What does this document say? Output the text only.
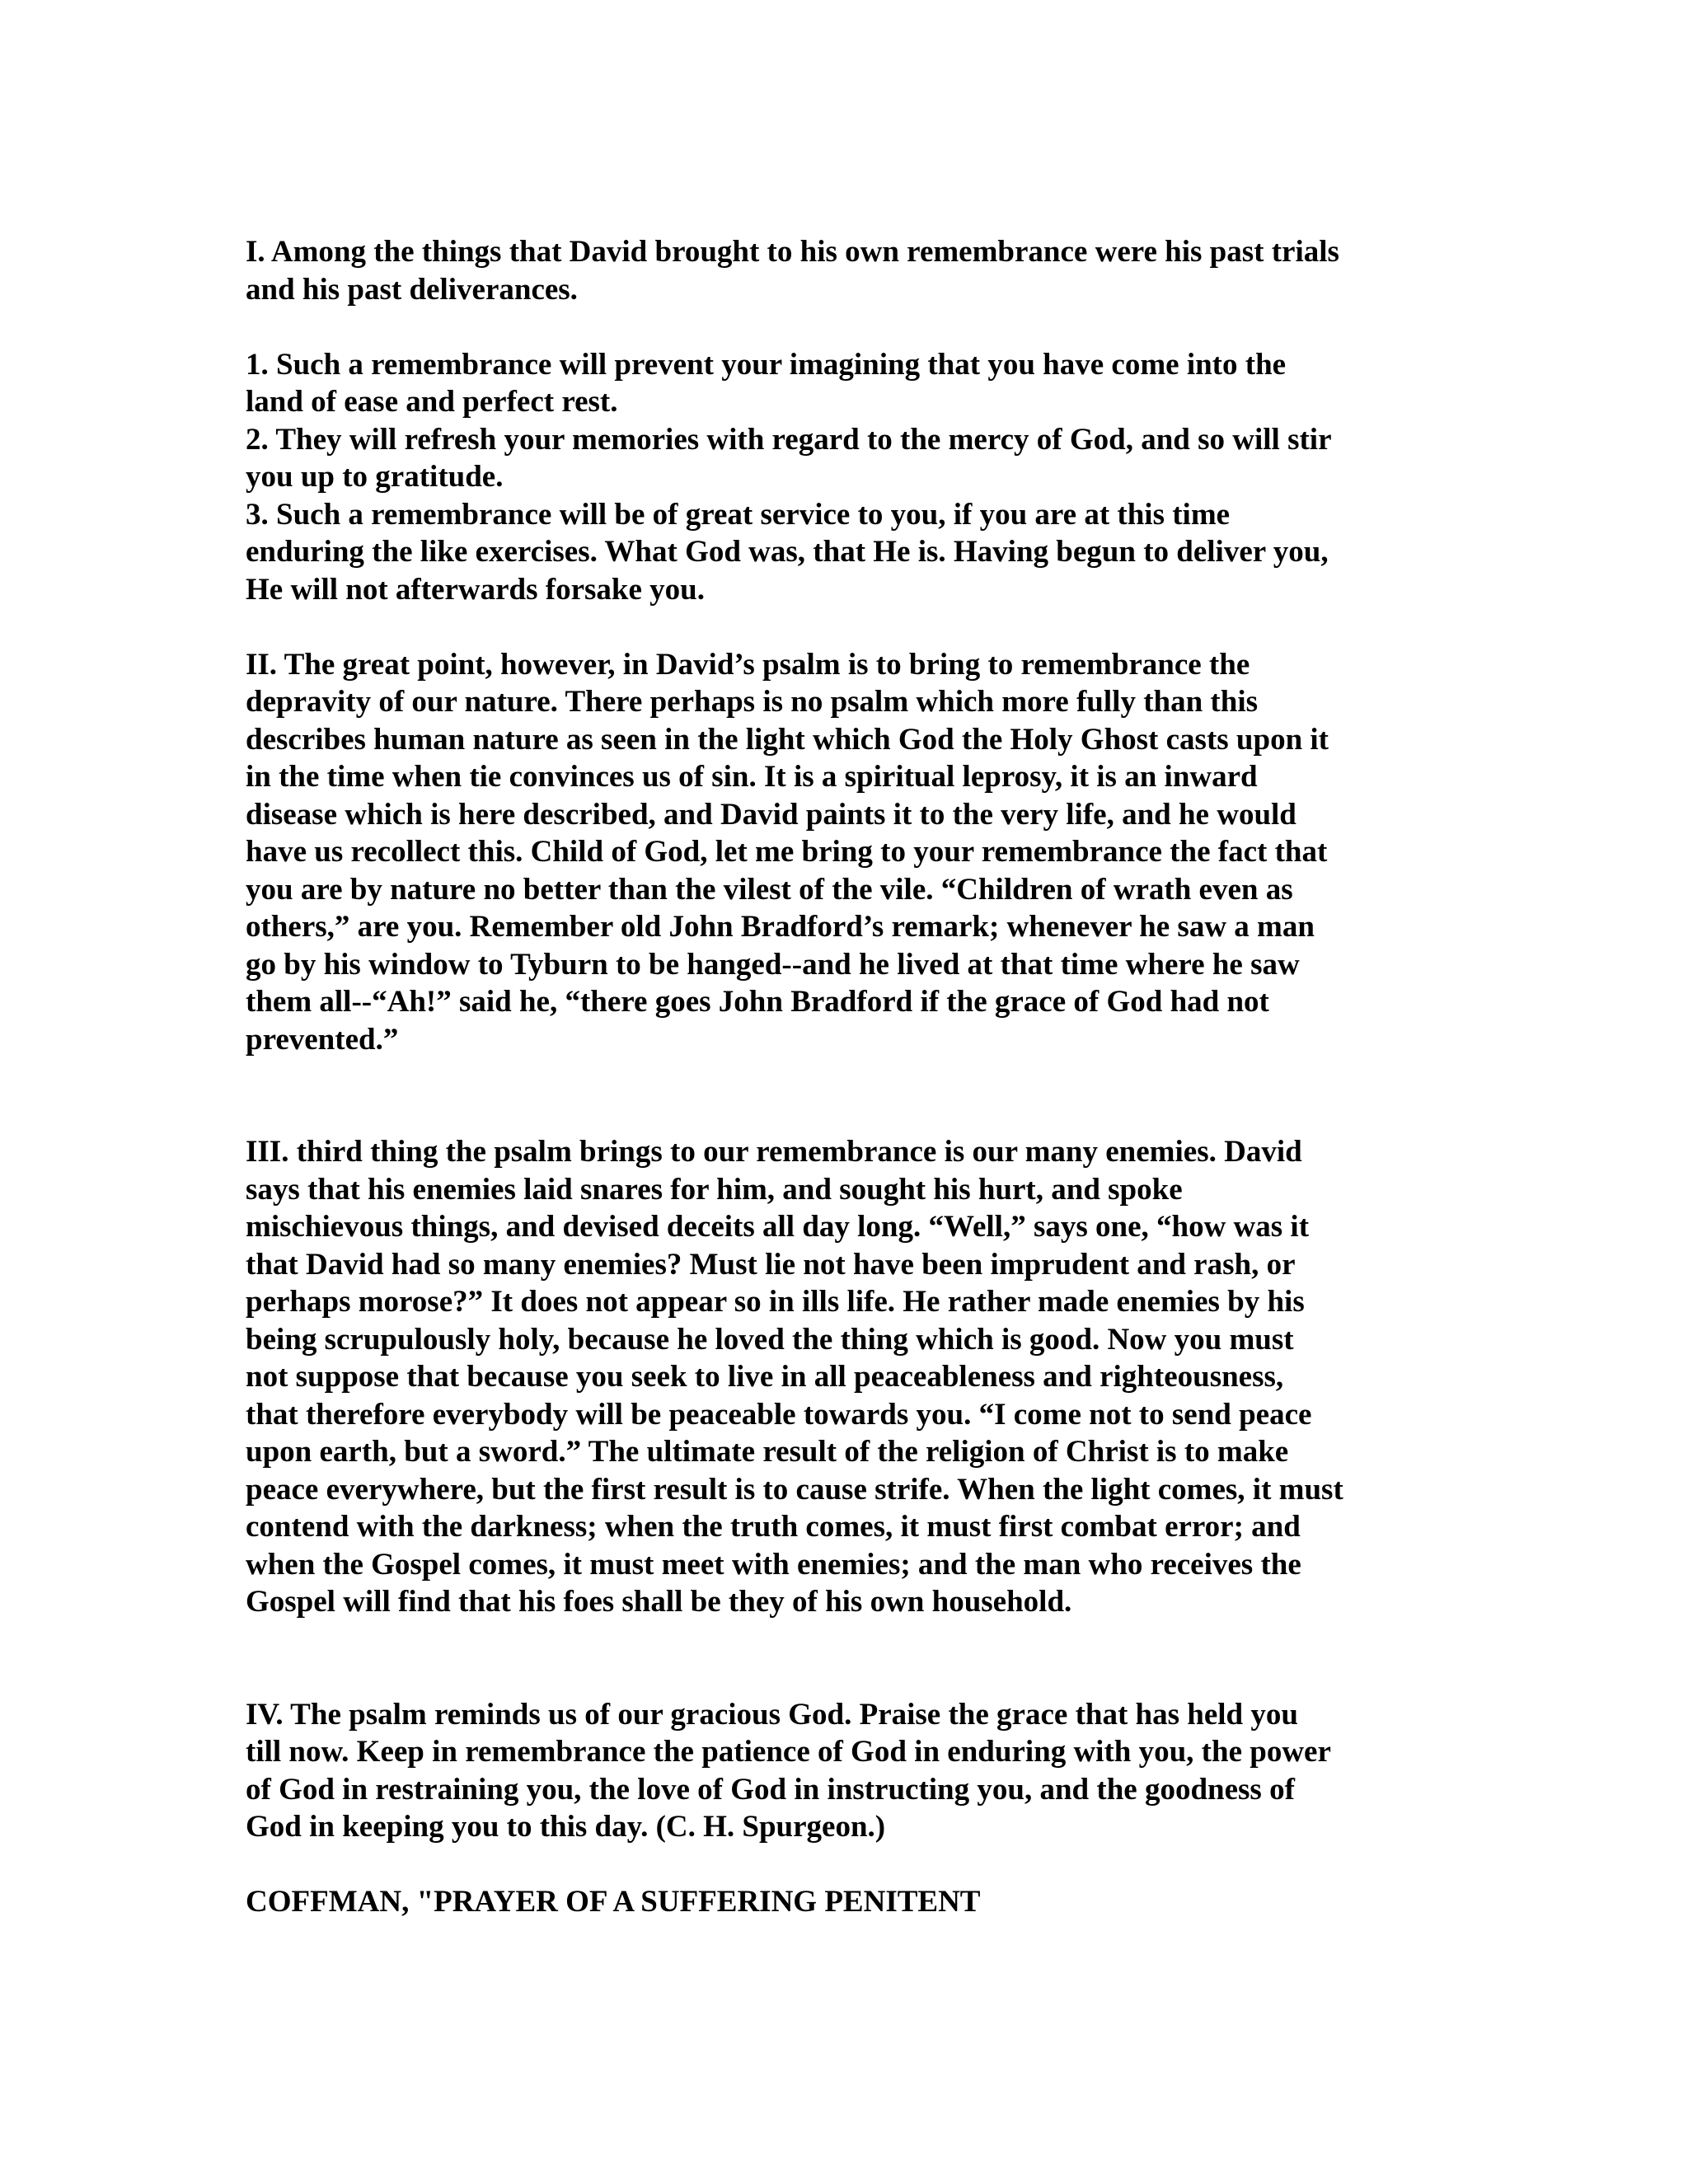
I. Among the things that David brought to his own remembrance were his past trials
and his past deliverances.
1. Such a remembrance will prevent your imagining that you have come into the
land of ease and perfect rest.
2. They will refresh your memories with regard to the mercy of God, and so will stir
you up to gratitude.
3. Such a remembrance will be of great service to you, if you are at this time
enduring the like exercises. What God was, that He is. Having begun to deliver you,
He will not afterwards forsake you.
II. The great point, however, in David’s psalm is to bring to remembrance the
depravity of our nature. There perhaps is no psalm which more fully than this
describes human nature as seen in the light which God the Holy Ghost casts upon it
in the time when tie convinces us of sin. It is a spiritual leprosy, it is an inward
disease which is here described, and David paints it to the very life, and he would
have us recollect this. Child of God, let me bring to your remembrance the fact that
you are by nature no better than the vilest of the vile. “Children of wrath even as
others,” are you. Remember old John Bradford’s remark; whenever he saw a man
go by his window to Tyburn to be hanged--and he lived at that time where he saw
them all--“Ah!” said he, “there goes John Bradford if the grace of God had not
prevented.”
III. third thing the psalm brings to our remembrance is our many enemies. David
says that his enemies laid snares for him, and sought his hurt, and spoke
mischievous things, and devised deceits all day long. “Well,” says one, “how was it
that David had so many enemies? Must lie not have been imprudent and rash, or
perhaps morose?” It does not appear so in ills life. He rather made enemies by his
being scrupulously holy, because he loved the thing which is good. Now you must
not suppose that because you seek to live in all peaceableness and righteousness,
that therefore everybody will be peaceable towards you. “I come not to send peace
upon earth, but a sword.” The ultimate result of the religion of Christ is to make
peace everywhere, but the first result is to cause strife. When the light comes, it must
contend with the darkness; when the truth comes, it must first combat error; and
when the Gospel comes, it must meet with enemies; and the man who receives the
Gospel will find that his foes shall be they of his own household.
IV. The psalm reminds us of our gracious God. Praise the grace that has held you
till now. Keep in remembrance the patience of God in enduring with you, the power
of God in restraining you, the love of God in instructing you, and the goodness of
God in keeping you to this day. (C. H. Spurgeon.)
COFFMAN, "PRAYER OF A SUFFERING PENITENT
